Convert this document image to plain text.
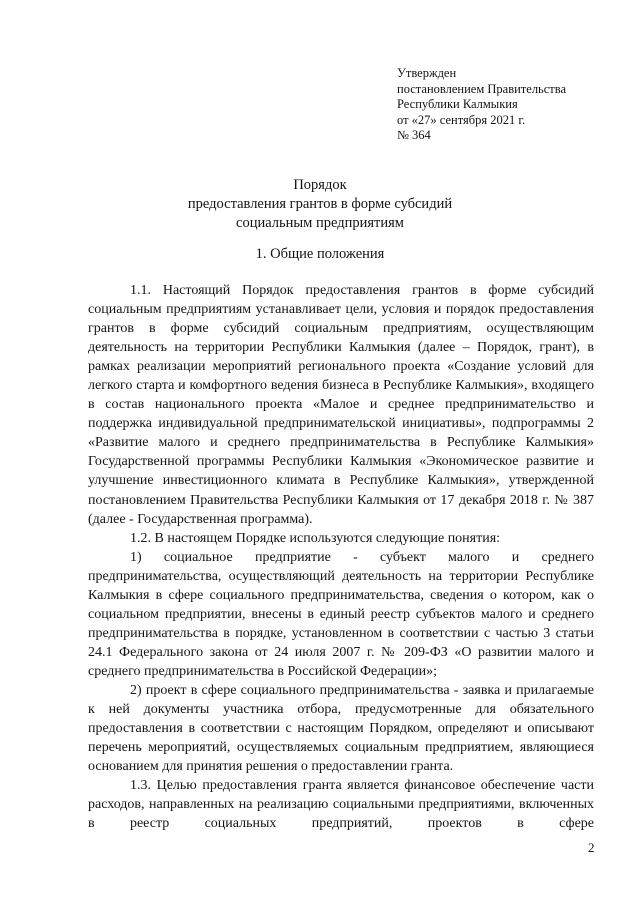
Утвержден
постановлением Правительства
Республики Калмыкия
от «27» сентября 2021 г.
№ 364
Порядок
предоставления грантов в форме субсидий
социальным предприятиям
1. Общие положения

1.1. Настоящий Порядок предоставления грантов в форме субсидий социальным предприятиям устанавливает цели, условия и порядок предоставления грантов в форме субсидий социальным предприятиям, осуществляющим деятельность на территории Республики Калмыкия (далее – Порядок, грант), в рамках реализации мероприятий регионального проекта «Создание условий для легкого старта и комфортного ведения бизнеса в Республике Калмыкия», входящего в состав национального проекта «Малое и среднее предпринимательство и поддержка индивидуальной предпринимательской инициативы», подпрограммы 2 «Развитие малого и среднего предпринимательства в Республике Калмыкия» Государственной программы Республики Калмыкия «Экономическое развитие и улучшение инвестиционного климата в Республике Калмыкия», утвержденной постановлением Правительства Республики Калмыкия от 17 декабря 2018 г. № 387 (далее - Государственная программа).

1.2. В настоящем Порядке используются следующие понятия:

1) социальное предприятие - субъект малого и среднего предпринимательства, осуществляющий деятельность на территории Республике Калмыкия в сфере социального предпринимательства, сведения о котором, как о социальном предприятии, внесены в единый реестр субъектов малого и среднего предпринимательства в порядке, установленном в соответствии с частью 3 статьи 24.1 Федерального закона от 24 июля 2007 г. № 209-ФЗ «О развитии малого и среднего предпринимательства в Российской Федерации»;

2) проект в сфере социального предпринимательства - заявка и прилагаемые к ней документы участника отбора, предусмотренные для обязательного предоставления в соответствии с настоящим Порядком, определяют и описывают перечень мероприятий, осуществляемых социальным предприятием, являющиеся основанием для принятия решения о предоставлении гранта.

1.3. Целью предоставления гранта является финансовое обеспечение части расходов, направленных на реализацию социальными предприятиями, включенных в реестр социальных предприятий, проектов в сфере

2
